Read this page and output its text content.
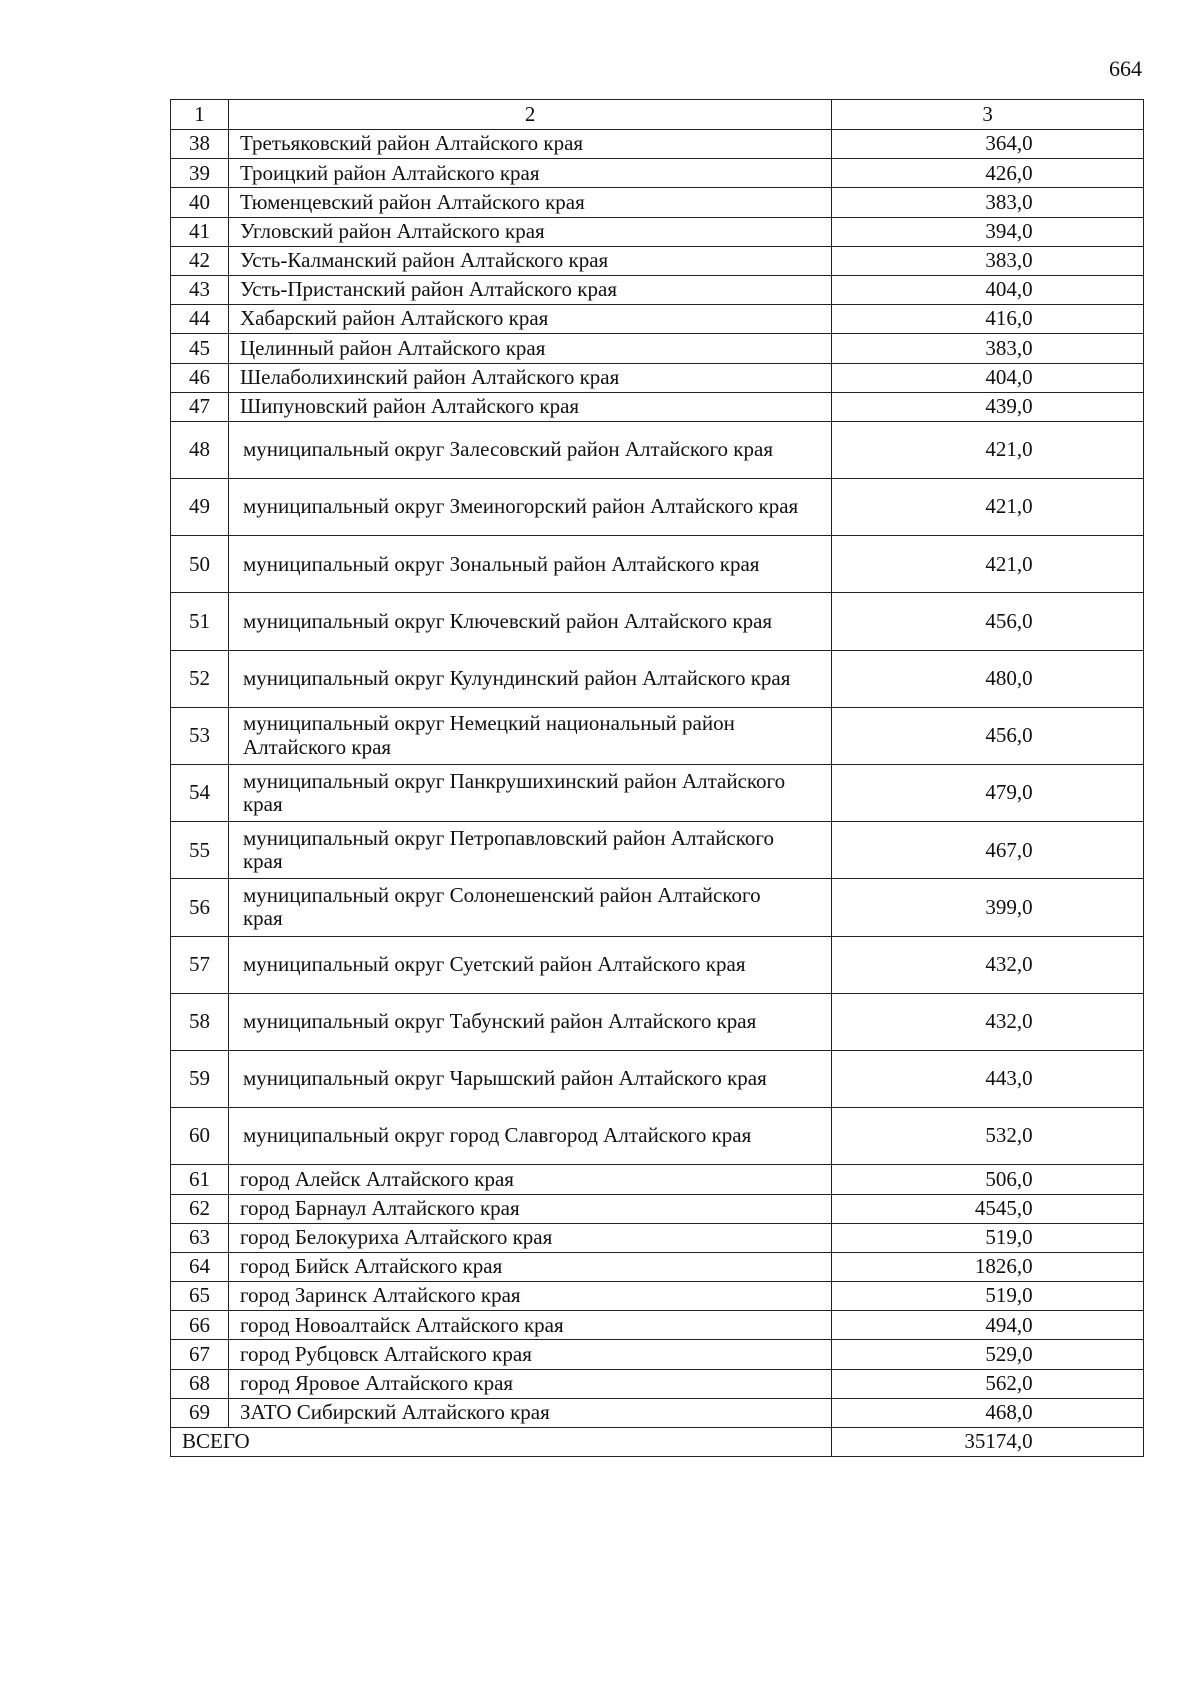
664
1	2	3
38	Третьяковский район Алтайского края	364,0
39	Троицкий район Алтайского края	426,0
40	Тюменцевский район Алтайского края	383,0
41	Угловский район Алтайского края	394,0
42	Усть-Калманский район Алтайского края	383,0
43	Усть-Пристанский район Алтайского края	404,0
44	Хабарский район Алтайского края	416,0
45	Целинный район Алтайского края	383,0
46	Шелаболихинский район Алтайского края	404,0
47	Шипуновский район Алтайского края	439,0
48	муниципальный округ Залесовский район Алтайского края	421,0
49	муниципальный округ Змеиногорский район Алтайского края	421,0
50	муниципальный округ Зональный район Алтайского края	421,0
51	муниципальный округ Ключевский район Алтайского края	456,0
52	муниципальный округ Кулундинский район Алтайского края	480,0
53	муниципальный округ Немецкий национальный район Алтайского края	456,0
54	муниципальный округ Панкрушихинский район Алтайского края	479,0
55	муниципальный округ Петропавловский район Алтайского края	467,0
56	муниципальный округ Солонешенский район Алтайского края	399,0
57	муниципальный округ Суетский район Алтайского края	432,0
58	муниципальный округ Табунский район Алтайского края	432,0
59	муниципальный округ Чарышский район Алтайского края	443,0
60	муниципальный округ город Славгород Алтайского края	532,0
61	город Алейск Алтайского края	506,0
62	город Барнаул Алтайского края	4545,0
63	город Белокуриха Алтайского края	519,0
64	город Бийск Алтайского края	1826,0
65	город Заринск Алтайского края	519,0
66	город Новоалтайск Алтайского края	494,0
67	город Рубцовск Алтайского края	529,0
68	город Яровое Алтайского края	562,0
69	ЗАТО Сибирский Алтайского края	468,0
ВСЕГО		35174,0
